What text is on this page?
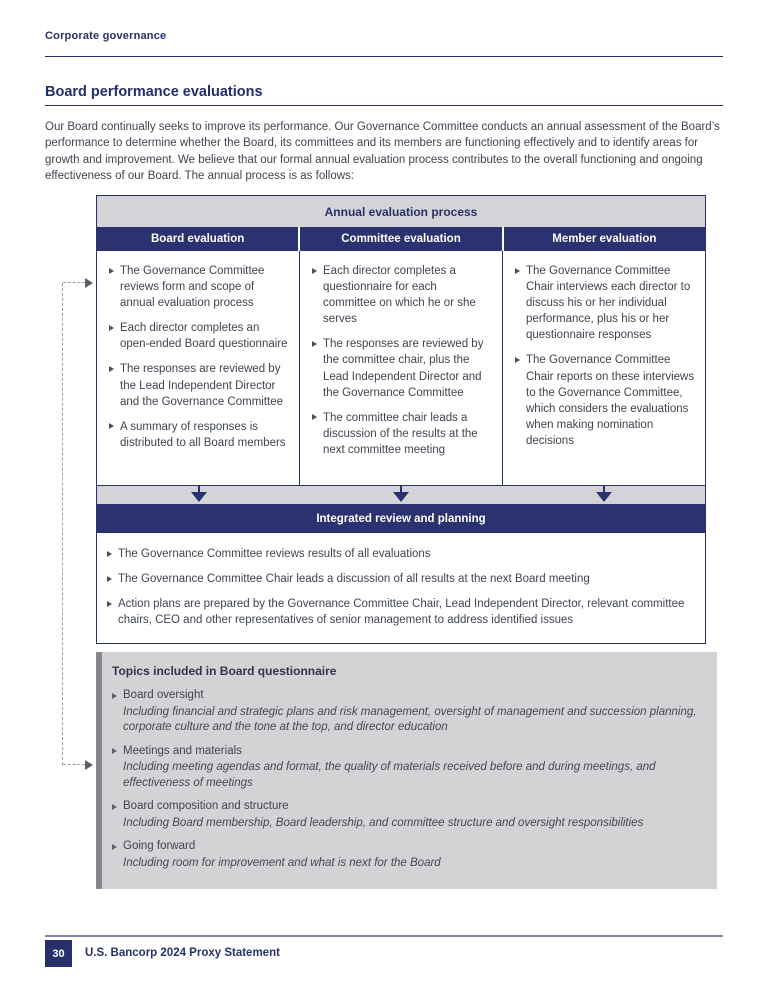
Corporate governance
Board performance evaluations
Our Board continually seeks to improve its performance. Our Governance Committee conducts an annual assessment of the Board’s performance to determine whether the Board, its committees and its members are functioning effectively and to identify areas for growth and improvement. We believe that our formal annual evaluation process contributes to the overall functioning and ongoing effectiveness of our Board. The annual process is as follows:
Annual evaluation process
Board evaluation	Committee evaluation	Member evaluation
The Governance Committee reviews form and scope of annual evaluation process
Each director completes an open-ended Board questionnaire
The responses are reviewed by the Lead Independent Director and the Governance Committee
A summary of responses is distributed to all Board members
Each director completes a questionnaire for each committee on which he or she serves
The responses are reviewed by the committee chair, plus the Lead Independent Director and the Governance Committee
The committee chair leads a discussion of the results at the next committee meeting
The Governance Committee Chair interviews each director to discuss his or her individual performance, plus his or her questionnaire responses
The Governance Committee Chair reports on these interviews to the Governance Committee, which considers the evaluations when making nomination decisions
Integrated review and planning
The Governance Committee reviews results of all evaluations
The Governance Committee Chair leads a discussion of all results at the next Board meeting
Action plans are prepared by the Governance Committee Chair, Lead Independent Director, relevant committee chairs, CEO and other representatives of senior management to address identified issues
Topics included in Board questionnaire
Board oversight
Including financial and strategic plans and risk management, oversight of management and succession planning, corporate culture and the tone at the top, and director education
Meetings and materials
Including meeting agendas and format, the quality of materials received before and during meetings, and effectiveness of meetings
Board composition and structure
Including Board membership, Board leadership, and committee structure and oversight responsibilities
Going forward
Including room for improvement and what is next for the Board
30	U.S. Bancorp 2024 Proxy Statement
